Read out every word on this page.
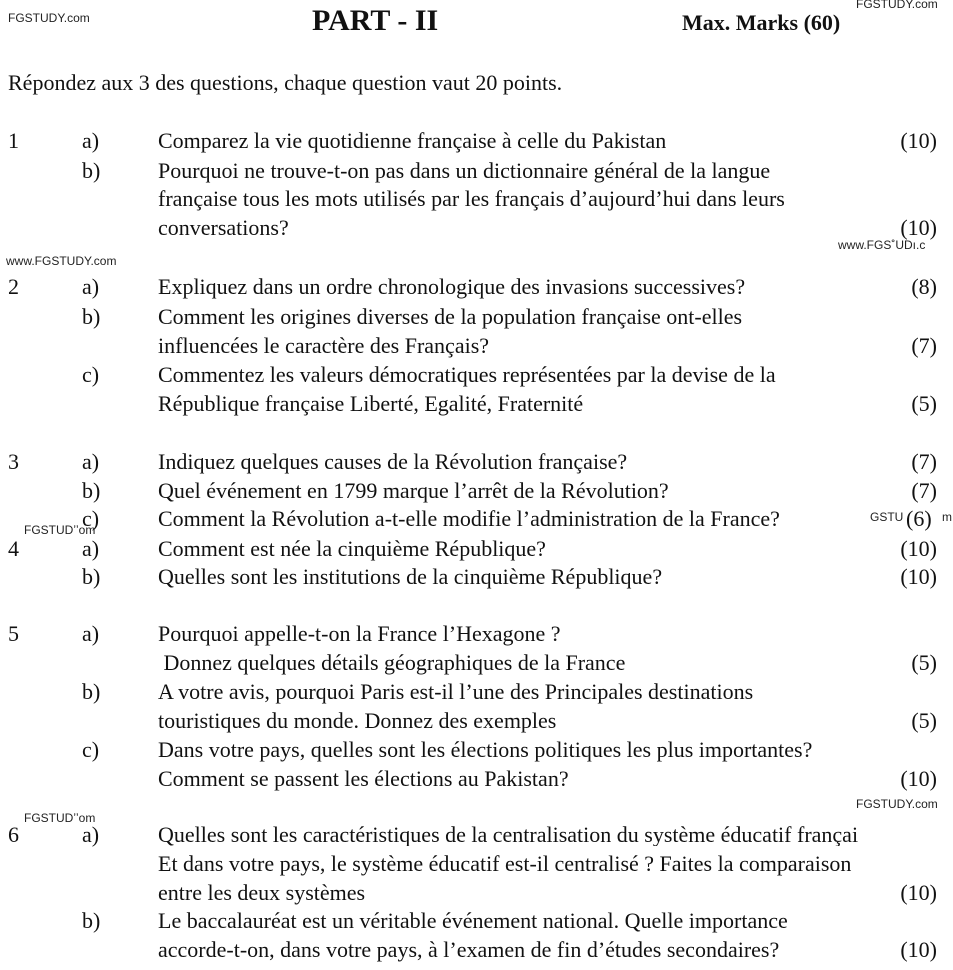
FGSTUDY.com
FGSTUDY.com
www.FGSTUDY.com
www.FGS˚UDı.c
FGSTUDʼʼom
GSTU	m
FGSTUDY.com
FGSTUDʼʼom
PART - II	Max. Marks (60)
Répondez aux 3 des questions, chaque question vaut 20 points.
1	a)	Comparez la vie quotidienne française à celle du Pakistan	(10)
b)	Pourquoi ne trouve-t-on pas dans un dictionnaire général de la langue
française tous les mots utilisés par les français d’aujourd’hui dans leurs
conversations?	(10)
2	a)	Expliquez dans un ordre chronologique des invasions successives?	(8)
b)	Comment les origines diverses de la population française ont-elles
influencées le caractère des Français?	(7)
c)	Commentez les valeurs démocratiques représentées par la devise de la
République française Liberté, Egalité, Fraternité	(5)
3	a)	Indiquez quelques causes de la Révolution française?	(7)
b)	Quel événement en 1799 marque l’arrêt de la Révolution?	(7)
c)	Comment la Révolution a-t-elle modifie l’administration de la France?	(6)
4	a)	Comment est née la cinquième République?	(10)
b)	Quelles sont les institutions de la cinquième République?	(10)
5	a)	Pourquoi appelle-t-on la France l’Hexagone ?
Donnez quelques détails géographiques de la France	(5)
b)	A votre avis, pourquoi Paris est-il l’une des Principales destinations
touristiques du monde. Donnez des exemples	(5)
c)	Dans votre pays, quelles sont les élections politiques les plus importantes?
Comment se passent les élections au Pakistan?	(10)
6	a)	Quelles sont les caractéristiques de la centralisation du système éducatif françai
Et dans votre pays, le système éducatif est-il centralisé ? Faites la comparaison
entre les deux systèmes	(10)
b)	Le baccalauréat est un véritable événement national. Quelle importance
accorde-t-on, dans votre pays, à l’examen de fin d’études secondaires?	(10)
